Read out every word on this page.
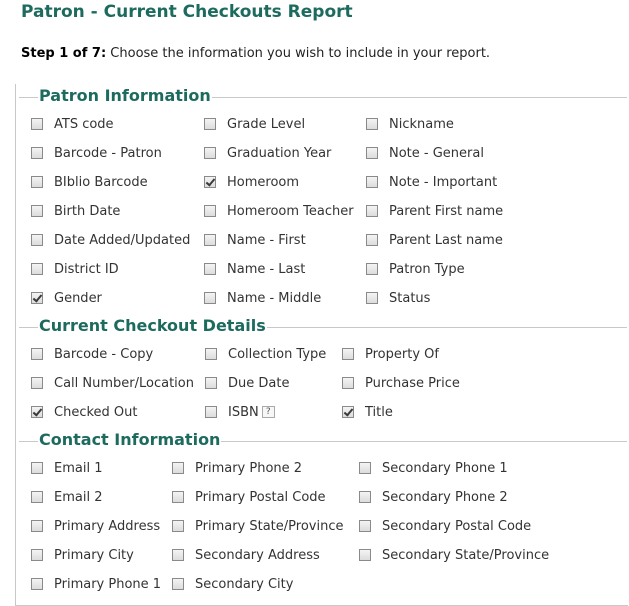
Patron - Current Checkouts Report
Step 1 of 7: Choose the information you wish to include in your report.
Patron Information
ATS code
Barcode - Patron
BIblio Barcode
Birth Date
Date Added/Updated
District ID
Gender
Grade Level
Graduation Year
Homeroom
Homeroom Teacher
Name - First
Name - Last
Name - Middle
Nickname
Note - General
Note - Important
Parent First name
Parent Last name
Patron Type
Status
Current Checkout Details
Barcode - Copy
Call Number/Location
Checked Out
Collection Type
Due Date
ISBN ?
Property Of
Purchase Price
Title
Contact Information
Email 1
Email 2
Primary Address
Primary City
Primary Phone 1
Primary Phone 2
Primary Postal Code
Primary State/Province
Secondary Address
Secondary City
Secondary Phone 1
Secondary Phone 2
Secondary Postal Code
Secondary State/Province
